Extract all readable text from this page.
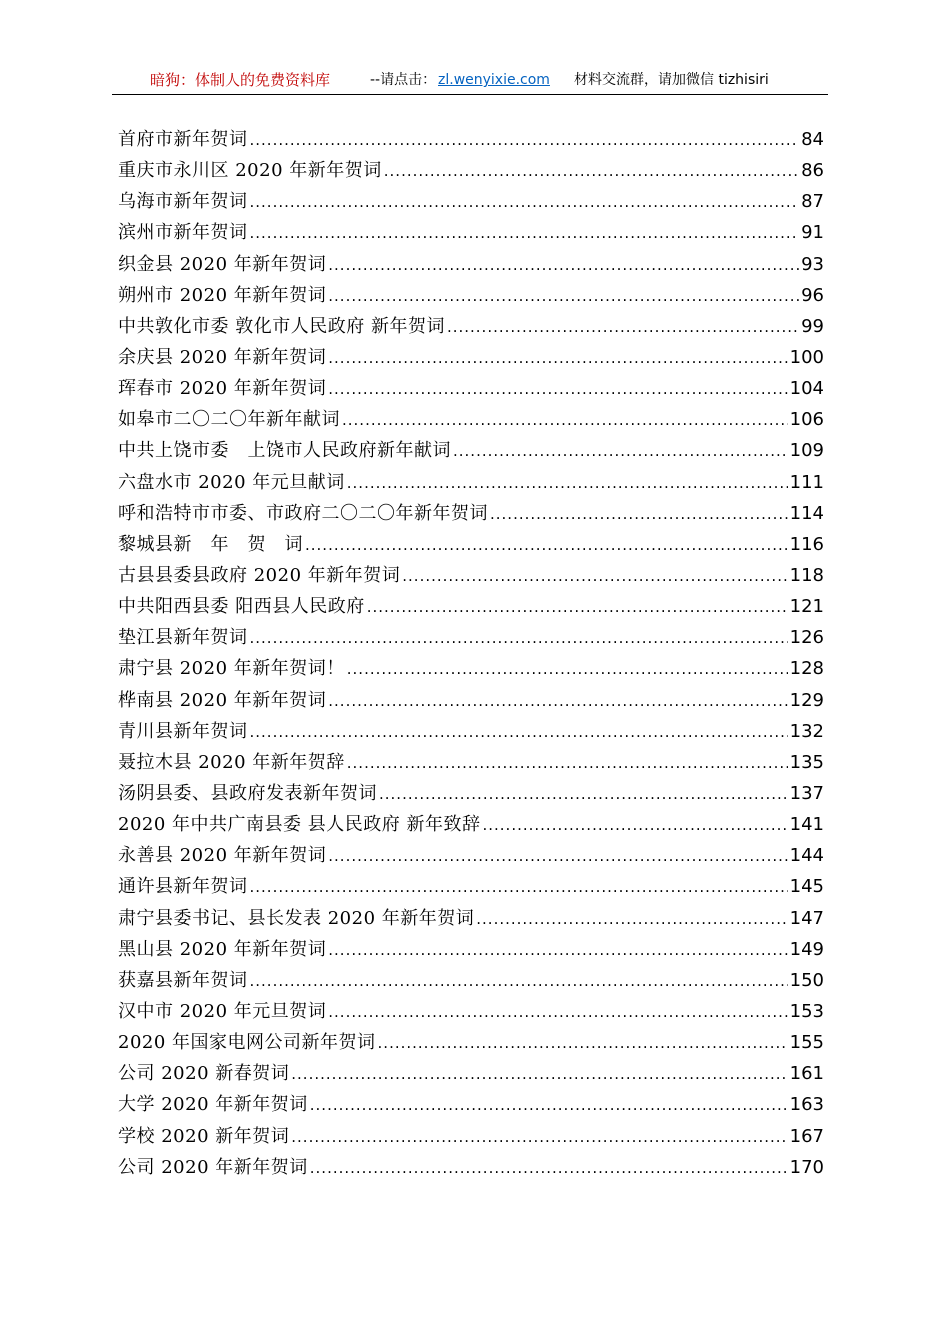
暗狗：体制人的免费资料库	--请点击： zl.wenyixie.com 材料交流群，请加微信 tizhisiri
首府市新年贺词 .....	84
重庆市永川区 2020 年新年贺词 .....	86
乌海市新年贺词 .....	87
滨州市新年贺词 .....	91
织金县 2020 年新年贺词 .....	93
朔州市 2020 年新年贺词 .....	96
中共敦化市委 敦化市人民政府 新年贺词 .....	99
余庆县 2020 年新年贺词 .....	100
珲春市 2020 年新年贺词 .....	104
如皋市二〇二〇年新年献词 .....	106
中共上饶市委　上饶市人民政府新年献词 .....	109
六盘水市 2020 年元旦献词 .....	111
呼和浩特市市委、市政府二〇二〇年新年贺词 .....	114
黎城县新　年　贺　词 .....	116
古县县委县政府 2020 年新年贺词 .....	118
中共阳西县委 阳西县人民政府 .....	121
垫江县新年贺词 .....	126
肃宁县 2020 年新年贺词！ .....	128
桦南县 2020 年新年贺词 .....	129
青川县新年贺词 .....	132
聂拉木县 2020 年新年贺辞 .....	135
汤阴县委、县政府发表新年贺词 .....	137
2020 年中共广南县委 县人民政府 新年致辞 .....	141
永善县 2020 年新年贺词 .....	144
通许县新年贺词 .....	145
肃宁县委书记、县长发表 2020 年新年贺词 .....	147
黑山县 2020 年新年贺词 .....	149
获嘉县新年贺词 .....	150
汉中市 2020 年元旦贺词 .....	153
2020 年国家电网公司新年贺词 .....	155
公司 2020 新春贺词 .....	161
大学 2020 年新年贺词 .....	163
学校 2020 新年贺词 .....	167
公司 2020 年新年贺词 .....	170
